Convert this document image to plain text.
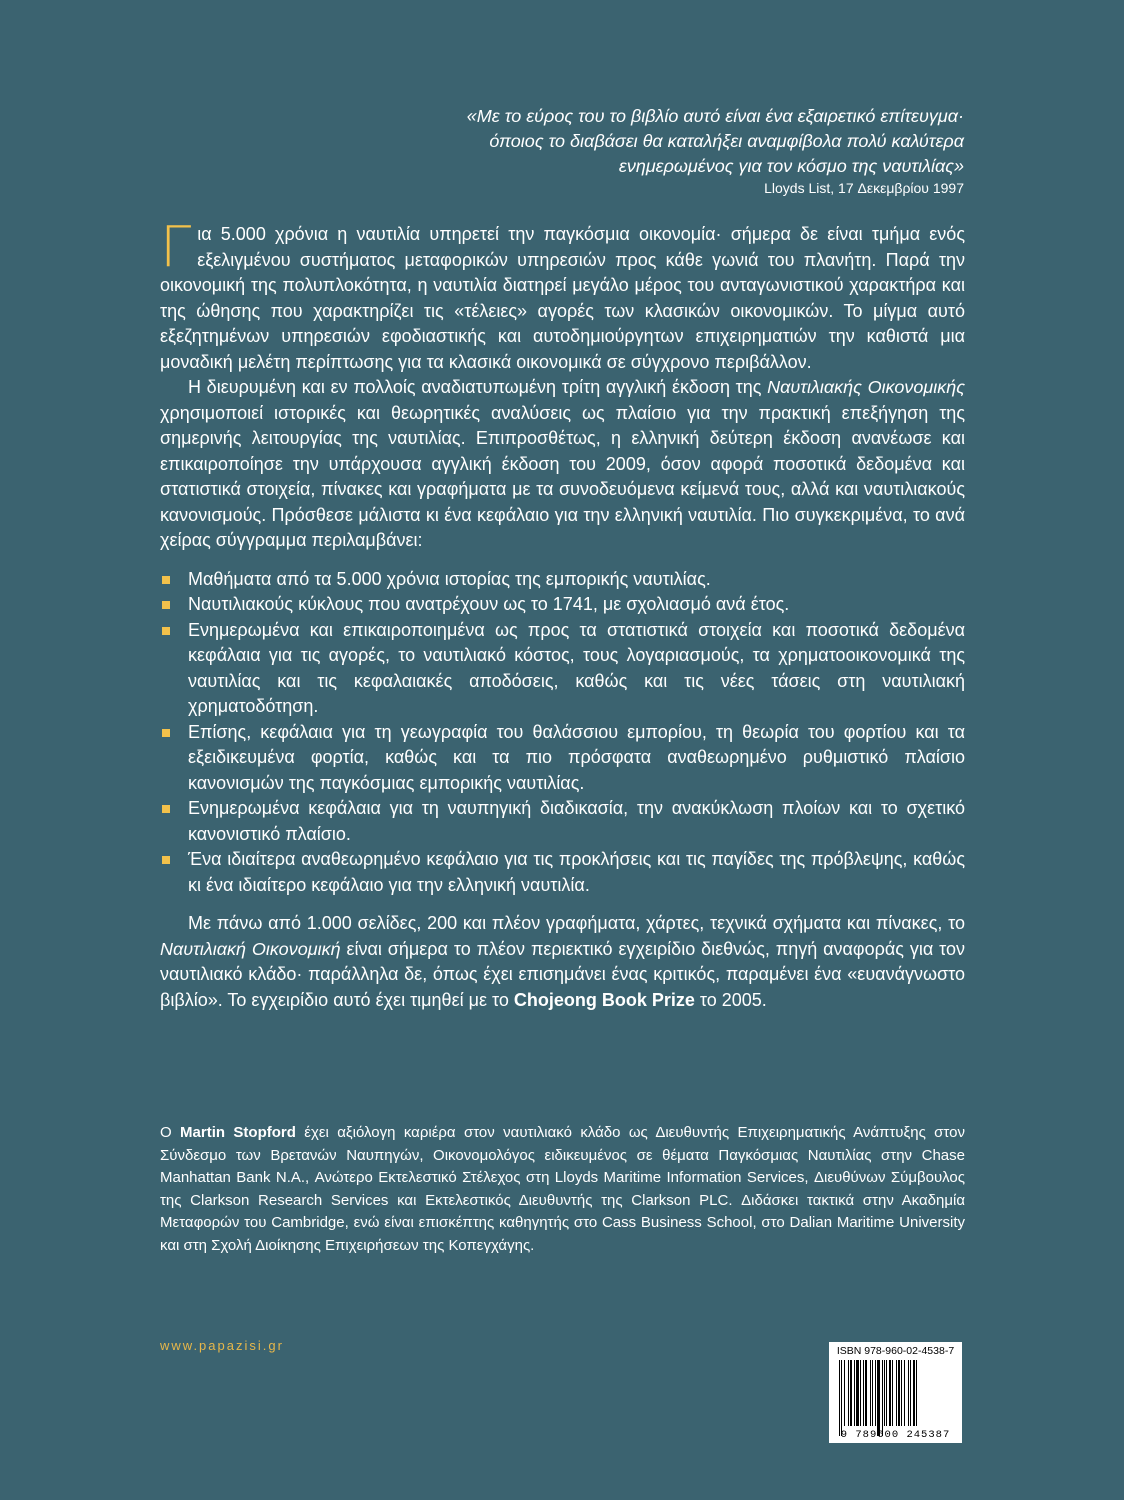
«Με το εύρος του το βιβλίο αυτό είναι ένα εξαιρετικό επίτευγμα·
όποιος το διαβάσει θα καταλήξει αναμφίβολα πολύ καλύτερα
ενημερωμένος για τον κόσμο της ναυτιλίας»
Lloyds List, 17 Δεκεμβρίου 1997

Για 5.000 χρόνια η ναυτιλία υπηρετεί την παγκόσμια οικονομία· σήμερα δε είναι τμήμα ενός εξελιγμένου συστήματος μεταφορικών υπηρεσιών προς κάθε γωνιά του πλανήτη. Παρά την οικονομική της πολυπλοκότητα, η ναυτιλία διατηρεί μεγάλο μέρος του ανταγωνιστικού χαρακτήρα και της ώθησης που χαρακτηρίζει τις «τέλειες» αγορές των κλασικών οικονομικών. Το μίγμα αυτό εξεζητημένων υπηρεσιών εφοδιαστικής και αυτοδημιούργητων επιχειρηματιών την καθιστά μια μοναδική μελέτη περίπτωσης για τα κλασικά οικονομικά σε σύγχρονο περιβάλλον.

Η διευρυμένη και εν πολλοίς αναδιατυπωμένη τρίτη αγγλική έκδοση της Ναυτιλιακής Οικονομικής χρησιμοποιεί ιστορικές και θεωρητικές αναλύσεις ως πλαίσιο για την πρακτική επεξήγηση της σημερινής λειτουργίας της ναυτιλίας. Επιπροσθέτως, η ελληνική δεύτερη έκδοση ανανέωσε και επικαιροποίησε την υπάρχουσα αγγλική έκδοση του 2009, όσον αφορά ποσοτικά δεδομένα και στατιστικά στοιχεία, πίνακες και γραφήματα με τα συνοδευόμενα κείμενά τους, αλλά και ναυτιλιακούς κανονισμούς. Πρόσθεσε μάλιστα κι ένα κεφάλαιο για την ελληνική ναυτιλία. Πιο συγκεκριμένα, το ανά χείρας σύγγραμμα περιλαμβάνει:

Μαθήματα από τα 5.000 χρόνια ιστορίας της εμπορικής ναυτιλίας.
Ναυτιλιακούς κύκλους που ανατρέχουν ως το 1741, με σχολιασμό ανά έτος.
Ενημερωμένα και επικαιροποιημένα ως προς τα στατιστικά στοιχεία και ποσοτικά δεδομένα κεφάλαια για τις αγορές, το ναυτιλιακό κόστος, τους λογαριασμούς, τα χρηματοοικονομικά της ναυτιλίας και τις κεφαλαιακές αποδόσεις, καθώς και τις νέες τάσεις στη ναυτιλιακή χρηματοδότηση.
Επίσης, κεφάλαια για τη γεωγραφία του θαλάσσιου εμπορίου, τη θεωρία του φορτίου και τα εξειδικευμένα φορτία, καθώς και τα πιο πρόσφατα αναθεωρημένο ρυθμιστικό πλαίσιο κανονισμών της παγκόσμιας εμπορικής ναυτιλίας.
Ενημερωμένα κεφάλαια για τη ναυπηγική διαδικασία, την ανακύκλωση πλοίων και το σχετικό κανονιστικό πλαίσιο.
Ένα ιδιαίτερα αναθεωρημένο κεφάλαιο για τις προκλήσεις και τις παγίδες της πρόβλεψης, καθώς κι ένα ιδιαίτερο κεφάλαιο για την ελληνική ναυτιλία.

Με πάνω από 1.000 σελίδες, 200 και πλέον γραφήματα, χάρτες, τεχνικά σχήματα και πίνακες, το Ναυτιλιακή Οικονομική είναι σήμερα το πλέον περιεκτικό εγχειρίδιο διεθνώς, πηγή αναφοράς για τον ναυτιλιακό κλάδο· παράλληλα δε, όπως έχει επισημάνει ένας κριτικός, παραμένει ένα «ευανάγνωστο βιβλίο». Το εγχειρίδιο αυτό έχει τιμηθεί με το Chojeong Book Prize το 2005.

Ο Martin Stopford έχει αξιόλογη καριέρα στον ναυτιλιακό κλάδο ως Διευθυντής Επιχειρηματικής Ανάπτυξης στον Σύνδεσμο των Βρετανών Ναυπηγών, Οικονομολόγος ειδικευμένος σε θέματα Παγκόσμιας Ναυτιλίας στην Chase Manhattan Bank N.A., Ανώτερο Εκτελεστικό Στέλεχος στη Lloyds Maritime Information Services, Διευθύνων Σύμβουλος της Clarkson Research Services και Εκτελεστικός Διευθυντής της Clarkson PLC. Διδάσκει τακτικά στην Ακαδημία Μεταφορών του Cambridge, ενώ είναι επισκέπτης καθηγητής στο Cass Business School, στο Dalian Maritime University και στη Σχολή Διοίκησης Επιχειρήσεων της Κοπεγχάγης.
www.papazisi.gr	ISBN 978-960-02-4538-7
9 789600 245387
